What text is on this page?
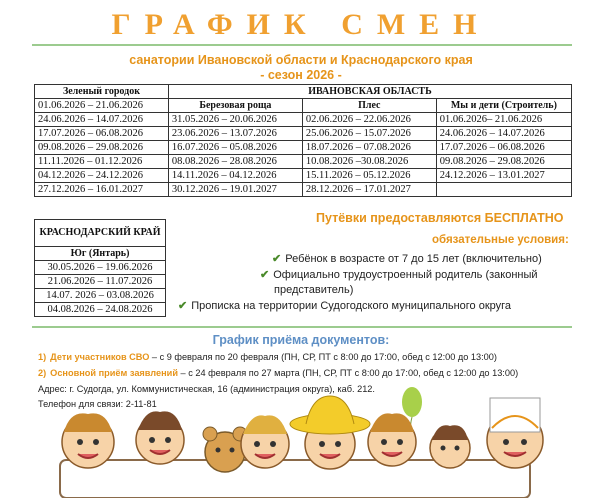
ГРАФИК СМЕН
санатории Ивановской области и Краснодарского края
- сезон 2026 -
Зеленый городок	ИВАНОВСКАЯ ОБЛАСТЬ		
01.06.2026 – 21.06.2026	Березовая роща	Плес	Мы и дети (Строитель)
24.06.2026 – 14.07.2026	31.05.2026 – 20.06.2026	02.06.2026 – 22.06.2026	01.06.2026– 21.06.2026
17.07.2026 – 06.08.2026	23.06.2026 – 13.07.2026	25.06.2026 – 15.07.2026	24.06.2026 – 14.07.2026
09.08.2026 – 29.08.2026	16.07.2026 – 05.08.2026	18.07.2026 – 07.08.2026	17.07.2026 – 06.08.2026
11.11.2026 – 01.12.2026	08.08.2026 – 28.08.2026	10.08.2026 –30.08.2026	09.08.2026 – 29.08.2026
04.12.2026 – 24.12.2026	14.11.2026 – 04.12.2026	15.11.2026 – 05.12.2026	24.12.2026 – 13.01.2027
27.12.2026 – 16.01.2027	30.12.2026 – 19.01.2027	28.12.2026 – 17.01.2027	
КРАСНОДАРСКИЙ КРАЙ
Юг (Янтарь)
30.05.2026 – 19.06.2026
21.06.2026 – 11.07.2026
14.07. 2026 – 03.08.2026
04.08.2026 – 24.08.2026
Путёвки предоставляются БЕСПЛАТНО
обязательные условия:
✔ Ребёнок в возрасте от 7 до 15 лет (включительно)
✔ Официально трудоустроенный родитель (законный
представитель)
✔ Прописка на территории Судогодского муниципального округа
График приёма документов:
1) Дети участников СВО – с 9 февраля по 20 февраля (ПН, СР, ПТ с 8:00 до 17:00, обед с 12:00 до 13:00)
2) Основной приём заявлений – с 24 февраля по 27 марта (ПН, СР, ПТ с 8:00 до 17:00, обед с 12:00 до 13:00)
Адрес: г. Судогда, ул. Коммунистическая, 16 (администрация округа), каб. 212.
Телефон для связи: 2-11-81
